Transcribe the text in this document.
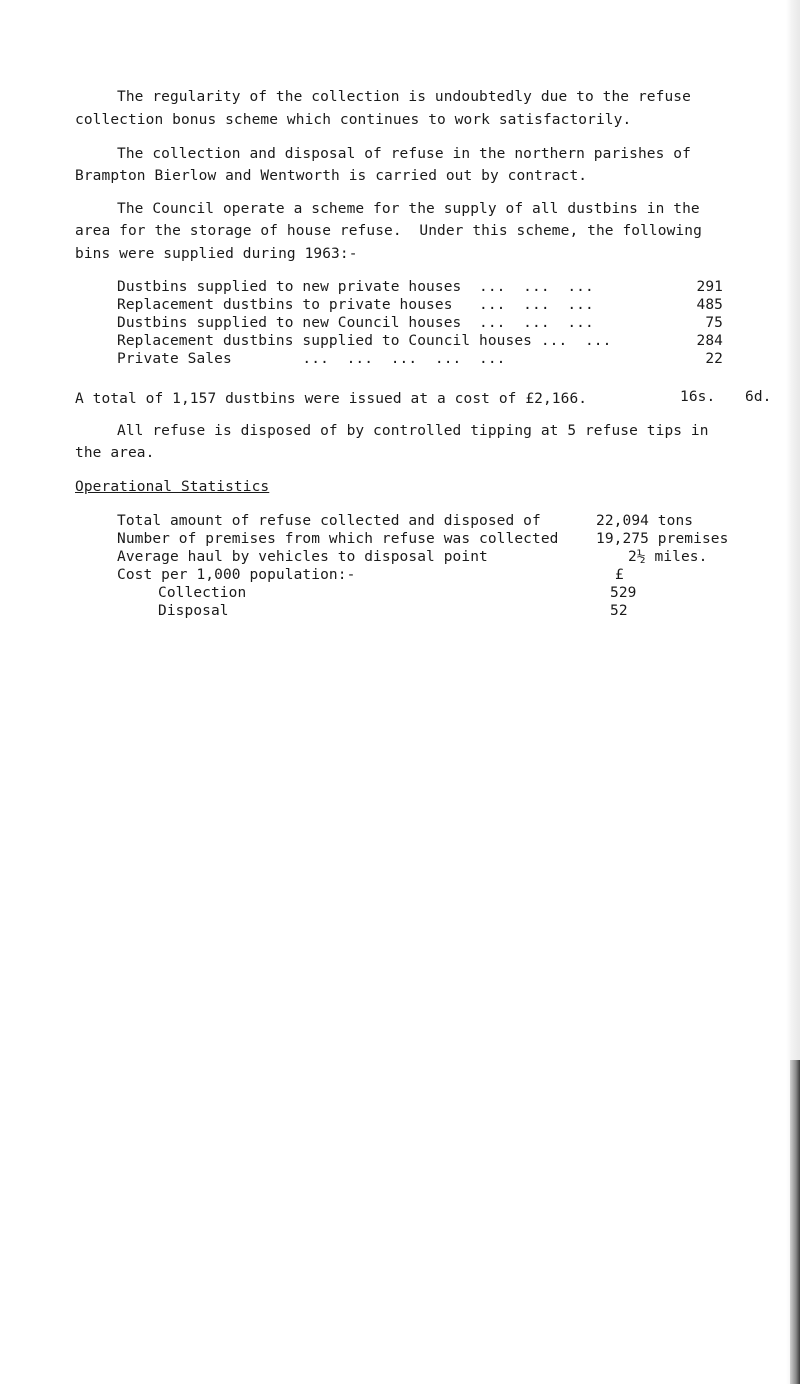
The regularity of the collection is undoubtedly due to the refuse
collection bonus scheme which continues to work satisfactorily.
The collection and disposal of refuse in the northern parishes of
Brampton Bierlow and Wentworth is carried out by contract.
The Council operate a scheme for the supply of all dustbins in the
area for the storage of house refuse.  Under this scheme, the following
bins were supplied during 1963:-
Dustbins supplied to new private houses  ...  ...  ...	291
Replacement dustbins to private houses   ...  ...  ...	485
Dustbins supplied to new Council houses  ...  ...  ...	75
Replacement dustbins supplied to Council houses ...  ...	284
Private Sales        ...  ...  ...  ...  ...	22
A total of 1,157 dustbins were issued at a cost of £2,166.	16s. 6d.
All refuse is disposed of by controlled tipping at 5 refuse tips in
the area.
Operational Statistics
Total amount of refuse collected and disposed of	22,094 tons
Number of premises from which refuse was collected	19,275 premises
Average haul by vehicles to disposal point	2½ miles.
Cost per 1,000 population:-	£
Collection	529
Disposal	52
